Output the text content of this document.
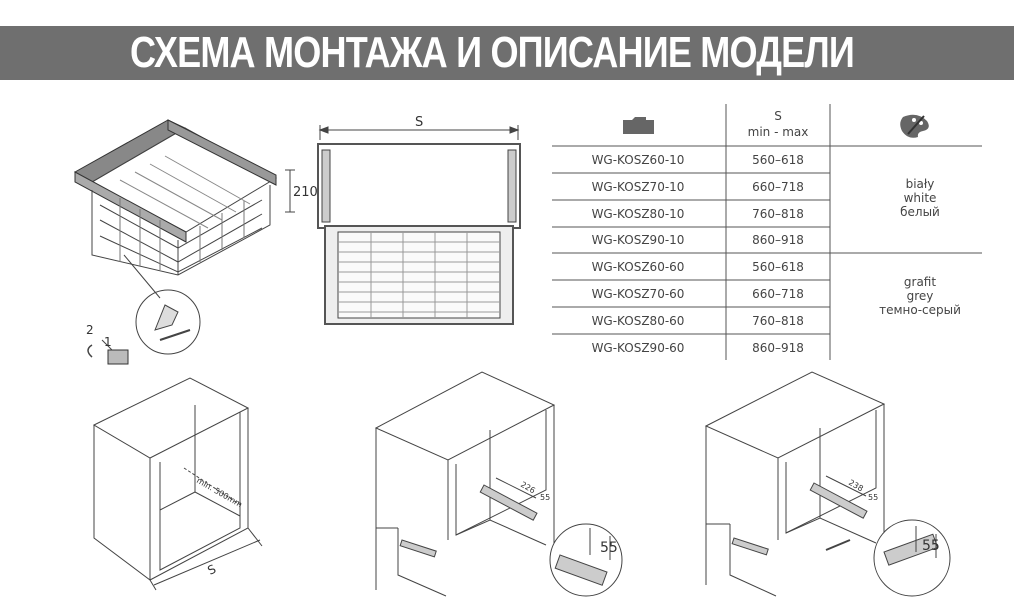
СХЕМА МОНТАЖА И ОПИСАНИЕ МОДЕЛИ
210
2
1
S	S
min - max
WG-KOSZ60-10	560–618
WG-KOSZ70-10	660–718
WG-KOSZ80-10	760–818
WG-KOSZ90-10	860–918
WG-KOSZ60-60	560–618
WG-KOSZ70-60	660–718
WG-KOSZ80-60	760–818
WG-KOSZ90-60	860–918
biały
white
белый
grafit
grey
темно-серый
min. 500mm
S
226
55
55
238
55
55
